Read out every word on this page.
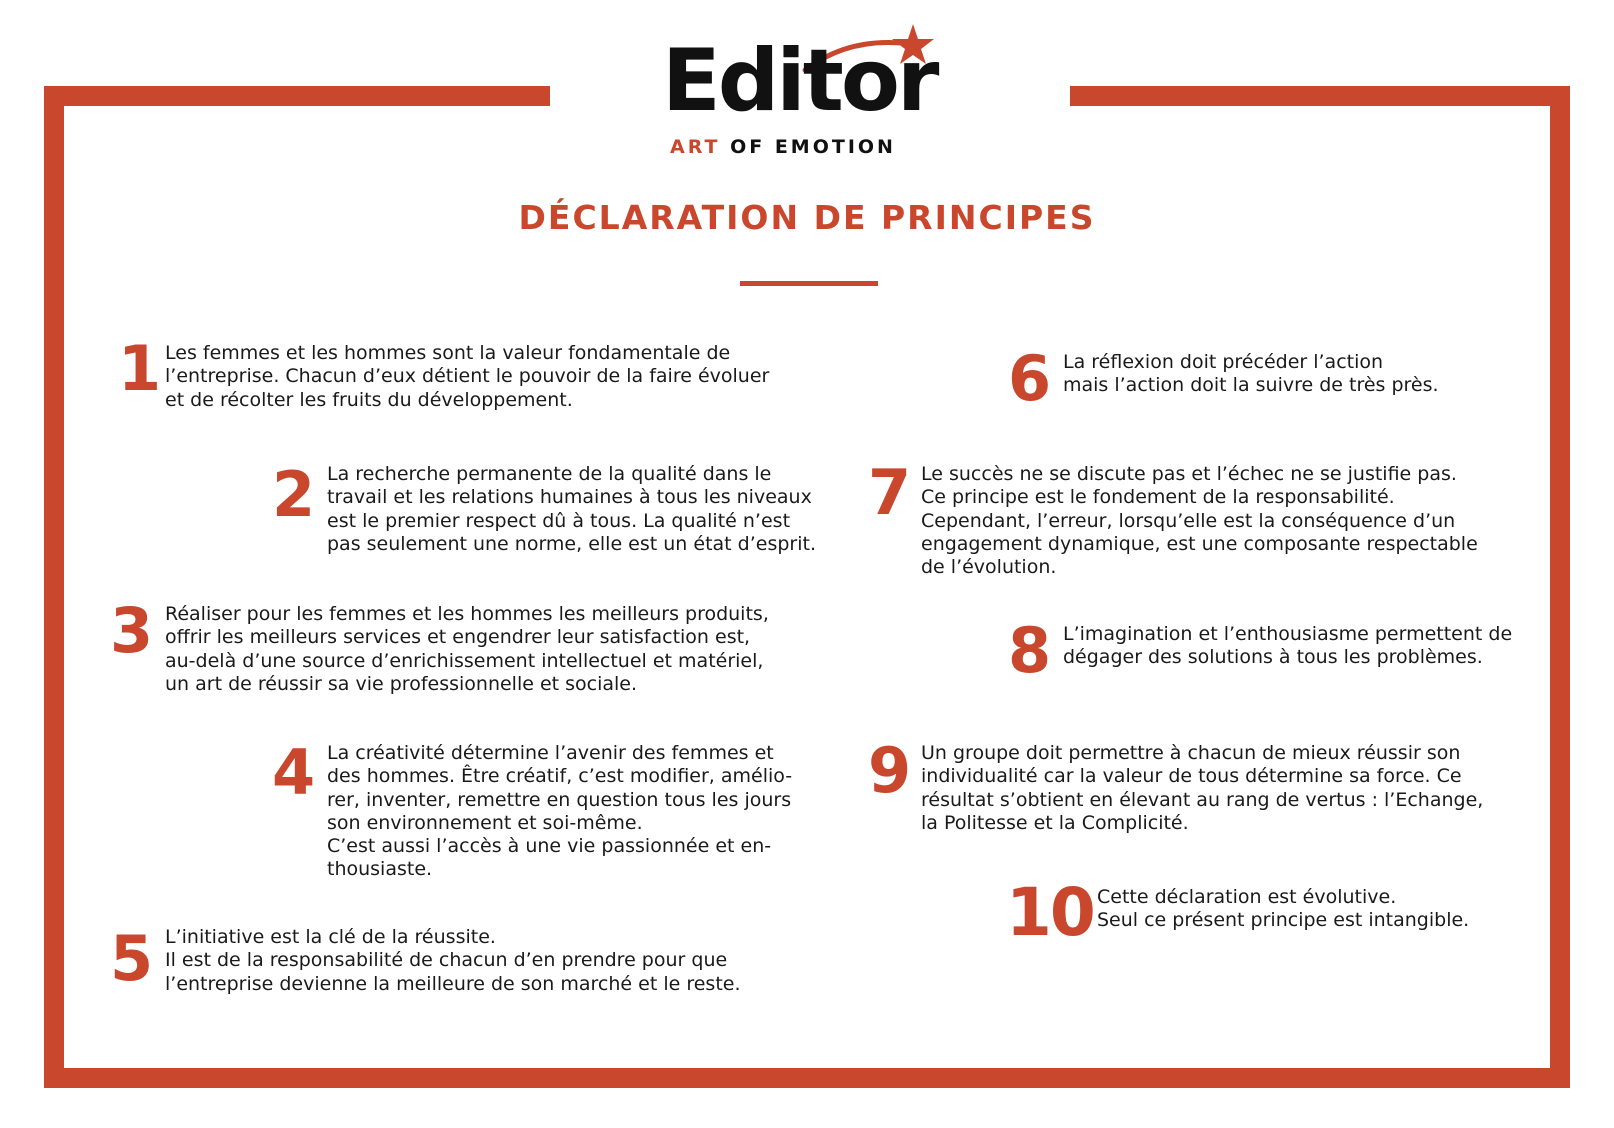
Editor
ART OF EMOTION
DÉCLARATION DE PRINCIPES
1 Les femmes et les hommes sont la valeur fondamentale de
l’entreprise. Chacun d’eux détient le pouvoir de la faire évoluer
et de récolter les fruits du développement.
2 La recherche permanente de la qualité dans le
travail et les relations humaines à tous les niveaux
est le premier respect dû à tous. La qualité n’est
pas seulement une norme, elle est un état d’esprit.
3 Réaliser pour les femmes et les hommes les meilleurs produits,
offrir les meilleurs services et engendrer leur satisfaction est,
au-delà d’une source d’enrichissement intellectuel et matériel,
un art de réussir sa vie professionnelle et sociale.
4 La créativité détermine l’avenir des femmes et
des hommes. Être créatif, c’est modifier, amélio-
rer, inventer, remettre en question tous les jours
son environnement et soi-même.
C’est aussi l’accès à une vie passionnée et en-
thousiaste.
5 L’initiative est la clé de la réussite.
Il est de la responsabilité de chacun d’en prendre pour que
l’entreprise devienne la meilleure de son marché et le reste.
6 La réflexion doit précéder l’action
mais l’action doit la suivre de très près.
7 Le succès ne se discute pas et l’échec ne se justifie pas.
Ce principe est le fondement de la responsabilité.
Cependant, l’erreur, lorsqu’elle est la conséquence d’un
engagement dynamique, est une composante respectable
de l’évolution.
8 L’imagination et l’enthousiasme permettent de
dégager des solutions à tous les problèmes.
9 Un groupe doit permettre à chacun de mieux réussir son
individualité car la valeur de tous détermine sa force. Ce
résultat s’obtient en élevant au rang de vertus : l’Echange,
la Politesse et la Complicité.
10 Cette déclaration est évolutive.
Seul ce présent principe est intangible.
